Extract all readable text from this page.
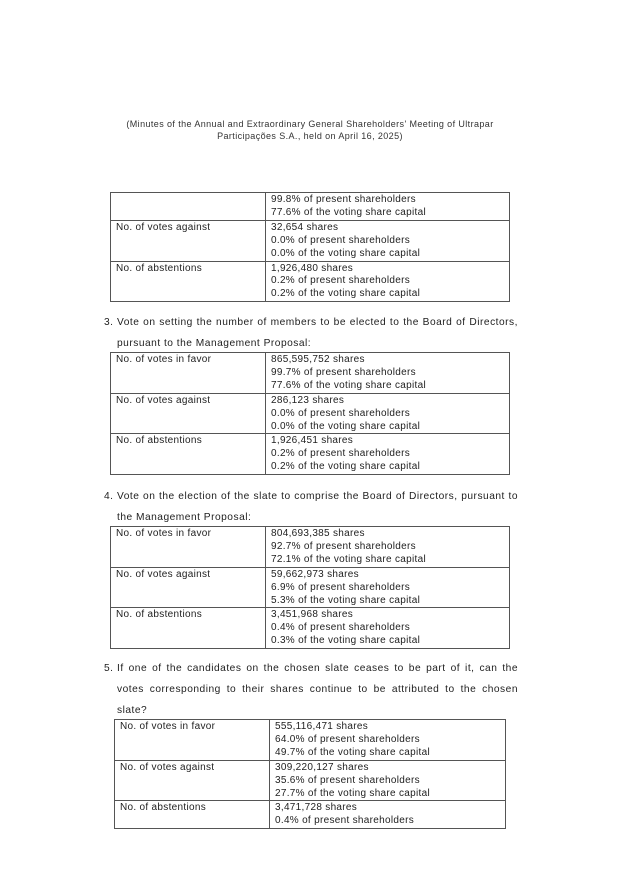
(Minutes of the Annual and Extraordinary General Shareholders' Meeting of Ultrapar
Participações S.A., held on April 16, 2025)

	99.8% of present shareholders
77.6% of the voting share capital

No. of votes against	32,654 shares
0.0% of present shareholders
0.0% of the voting share capital

No. of abstentions	1,926,480 shares
0.2% of present shareholders
0.2% of the voting share capital
3. Vote on setting the number of members to be elected to the Board of Directors, pursuant to the Management Proposal:
No. of votes in favor	865,595,752 shares
99.7% of present shareholders
77.6% of the voting share capital

No. of votes against	286,123 shares
0.0% of present shareholders
0.0% of the voting share capital

No. of abstentions	1,926,451 shares
0.2% of present shareholders
0.2% of the voting share capital
4. Vote on the election of the slate to comprise the Board of Directors, pursuant to the Management Proposal:
No. of votes in favor	804,693,385 shares
92.7% of present shareholders
72.1% of the voting share capital

No. of votes against	59,662,973 shares
6.9% of present shareholders
5.3% of the voting share capital

No. of abstentions	3,451,968 shares
0.4% of present shareholders
0.3% of the voting share capital
5. If one of the candidates on the chosen slate ceases to be part of it, can the votes corresponding to their shares continue to be attributed to the chosen slate?
No. of votes in favor	555,116,471 shares
64.0% of present shareholders
49.7% of the voting share capital

No. of votes against	309,220,127 shares
35.6% of present shareholders
27.7% of the voting share capital

No. of abstentions	3,471,728 shares
0.4% of present shareholders
